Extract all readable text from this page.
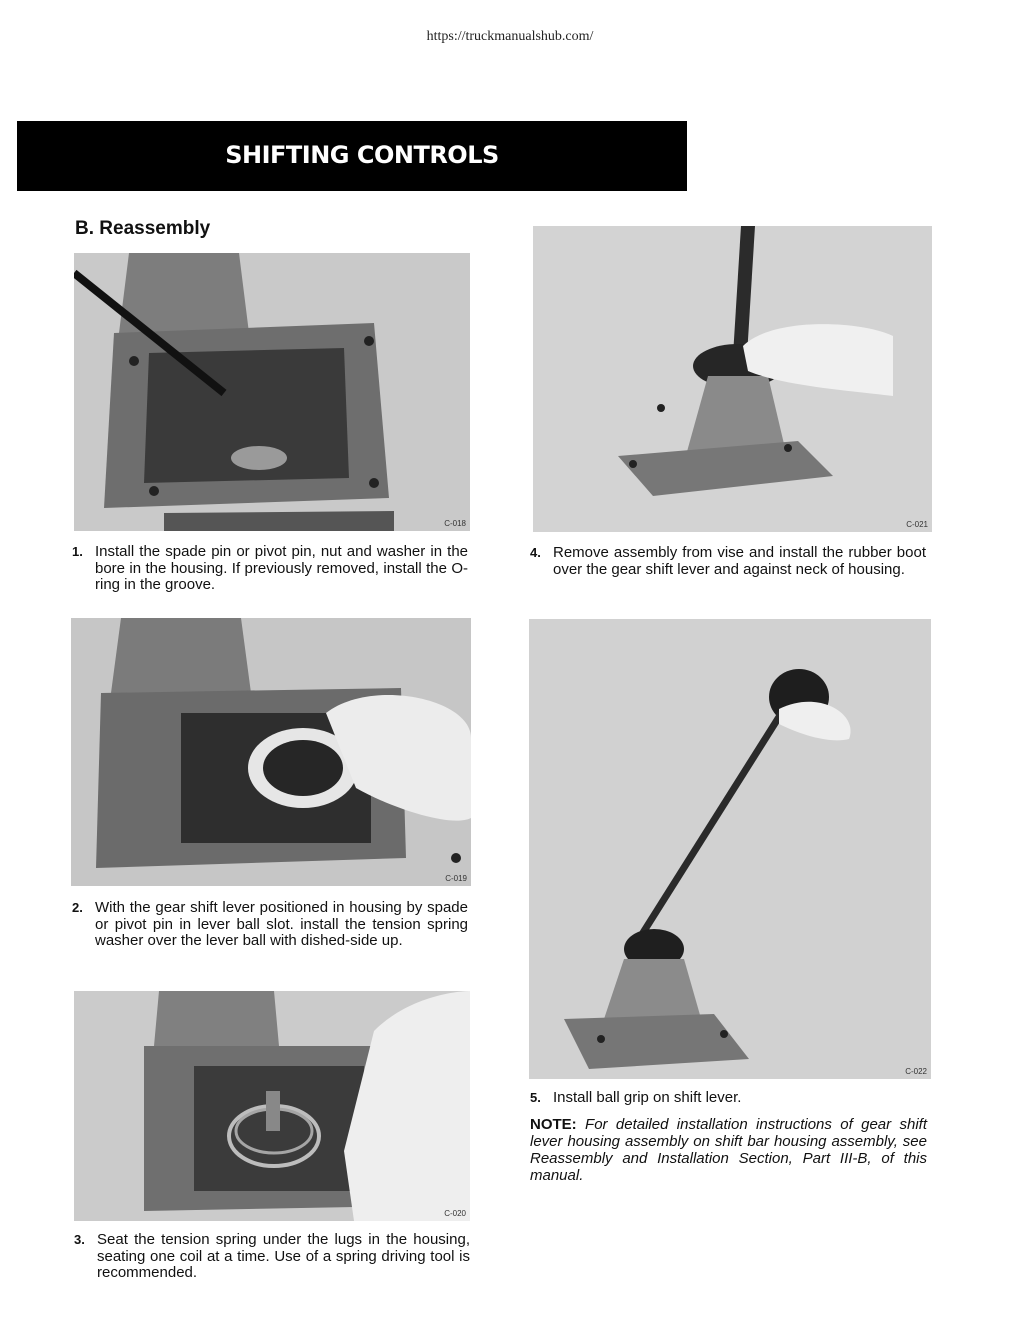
https://truckmanualshub.com/
SHIFTING CONTROLS
B. Reassembly
C-018
1. Install the spade pin or pivot pin, nut and washer in the bore in the housing. If previously removed, install the O-ring in the groove.
C-019
2. With the gear shift lever positioned in housing by spade or pivot pin in lever ball slot. install the tension spring washer over the lever ball with dished-side up.
C-020
3. Seat the tension spring under the lugs in the housing, seating one coil at a time. Use of a spring driving tool is recommended.
C-021
4. Remove assembly from vise and install the rubber boot over the gear shift lever and against neck of housing.
C-022
5. Install ball grip on shift lever.
NOTE: For detailed installation instructions of gear shift lever housing assembly on shift bar housing assembly, see Reassembly and Installation Section, Part III-B, of this manual.
